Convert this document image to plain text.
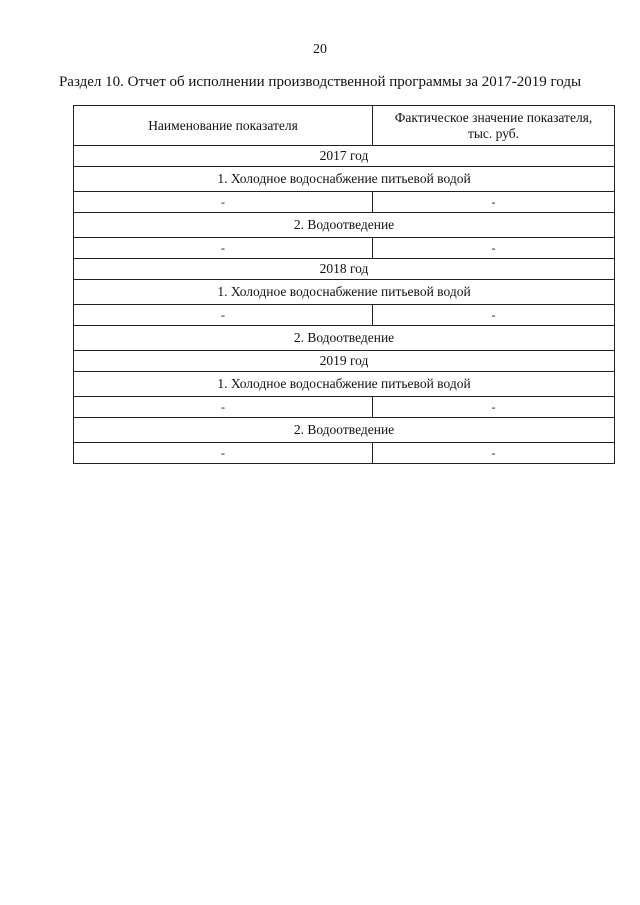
20
Раздел 10. Отчет об исполнении производственной программы за 2017-2019 годы
Наименование показателя	Фактическое значение показателя,
тыс. руб.
2017 год	
1. Холодное водоснабжение питьевой водой	
-	-
2. Водоотведение	
-	-
2018 год	
1. Холодное водоснабжение питьевой водой	
-	-
2. Водоотведение	
2019 год	
1. Холодное водоснабжение питьевой водой	
-	-
2. Водоотведение	
-	-
